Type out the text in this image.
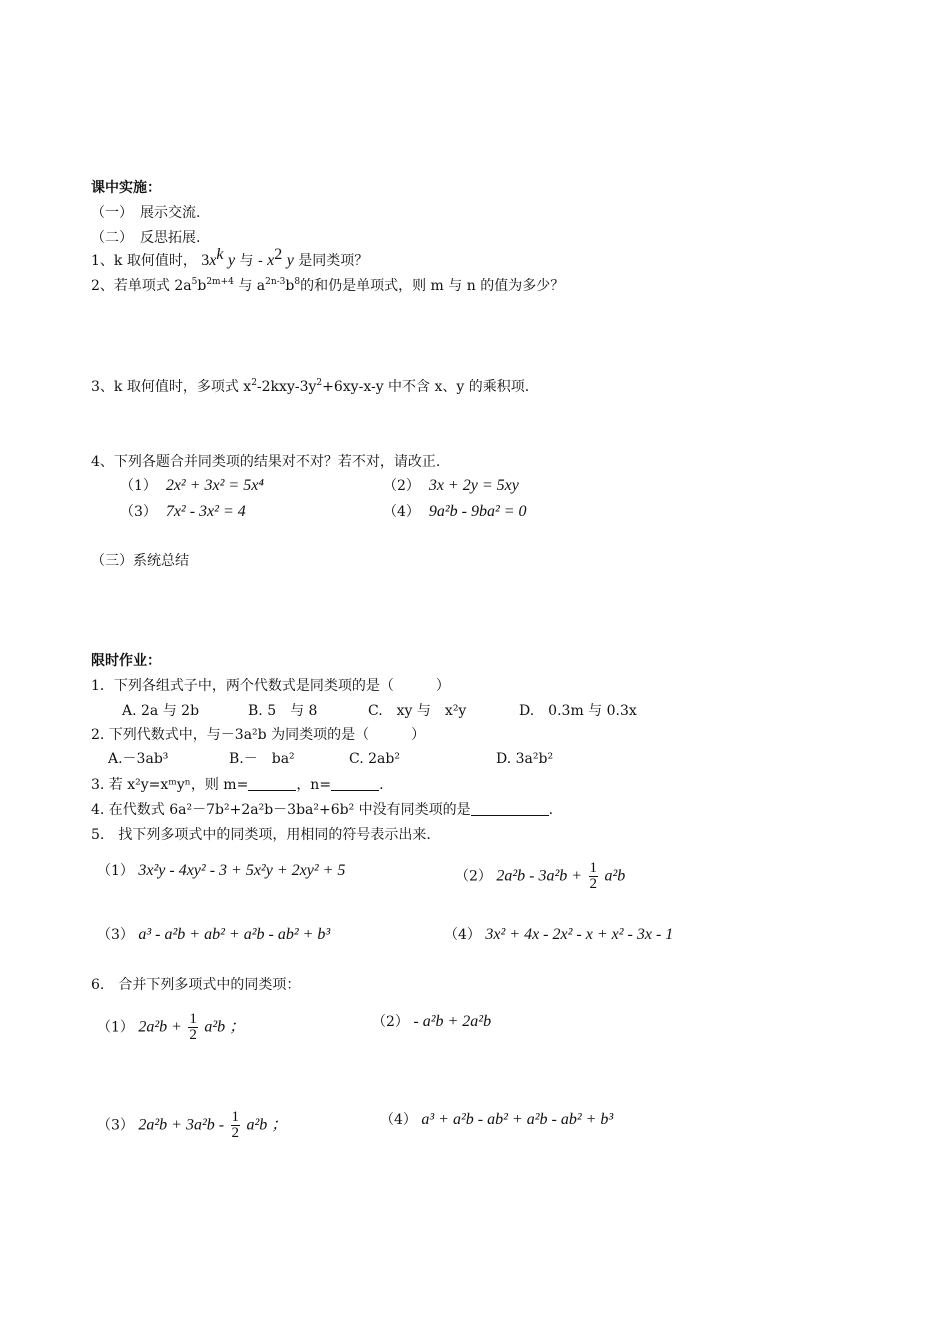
课中实施：
（一）　展示交流.
（二）　反思拓展.
1、k 取何值时， $3x^k$ y 与 - $x^2$ y 是同类项？
2、若单项式 $2a^5b^{2m+4}$ 与 $a^{2n-3}b^8$的和仍是单项式，则 m 与 n 的值为多少？
3、k 取何值时，多项式 $x^2-2kxy-3y^2+6xy-x-y$ 中不含 x、y 的乘积项.
4、下列各题合并同类项的结果对不对？若不对，请改正.
（1） 2x² + 3x² = 5x⁴	（2） 3x + 2y = 5xy
（3） 7x² - 3x² = 4	（4） 9a²b - 9ba² = 0
（三）系统总结
限时作业：
1．下列各组式子中，两个代数式是同类项的是（　　　）
A. 2a 与 2b	B. 5　与 8	C.　xy 与　x²y	D.　0.3m 与 0.3x
2. 下列代数式中，与－3a²b 为同类项的是（　　　）
A.－3ab³	B.－　ba²	C. 2ab²	D. 3a²b²
3. 若 x²y=xᵐyⁿ，则 m=	，n=	.
4. 在代数式 6a²－7b²+2a²b－3ba²+6b² 中没有同类项的是	.
5.　找下列多项式中的同类项，用相同的符号表示出来.
（1） 3x²y - 4xy² - 3 + 5x²y + 2xy² + 5	（2） $2a^2b - 3a^2b + \frac{1}{2} a^2b$
（3） a³ - a²b + ab² + a²b - ab² + b³	（4） 3x² + 4x - 2x² - x + x² - 3x - 1
6.　合并下列多项式中的同类项：
（1） $2a^2b + \frac{1}{2} a^2b$ ；	（2） - a²b + 2a²b
（3） $2a^2b + 3a^2b - \frac{1}{2} a^2b$ ；	（4） a³ + a²b - ab² + a²b - ab² + b³
